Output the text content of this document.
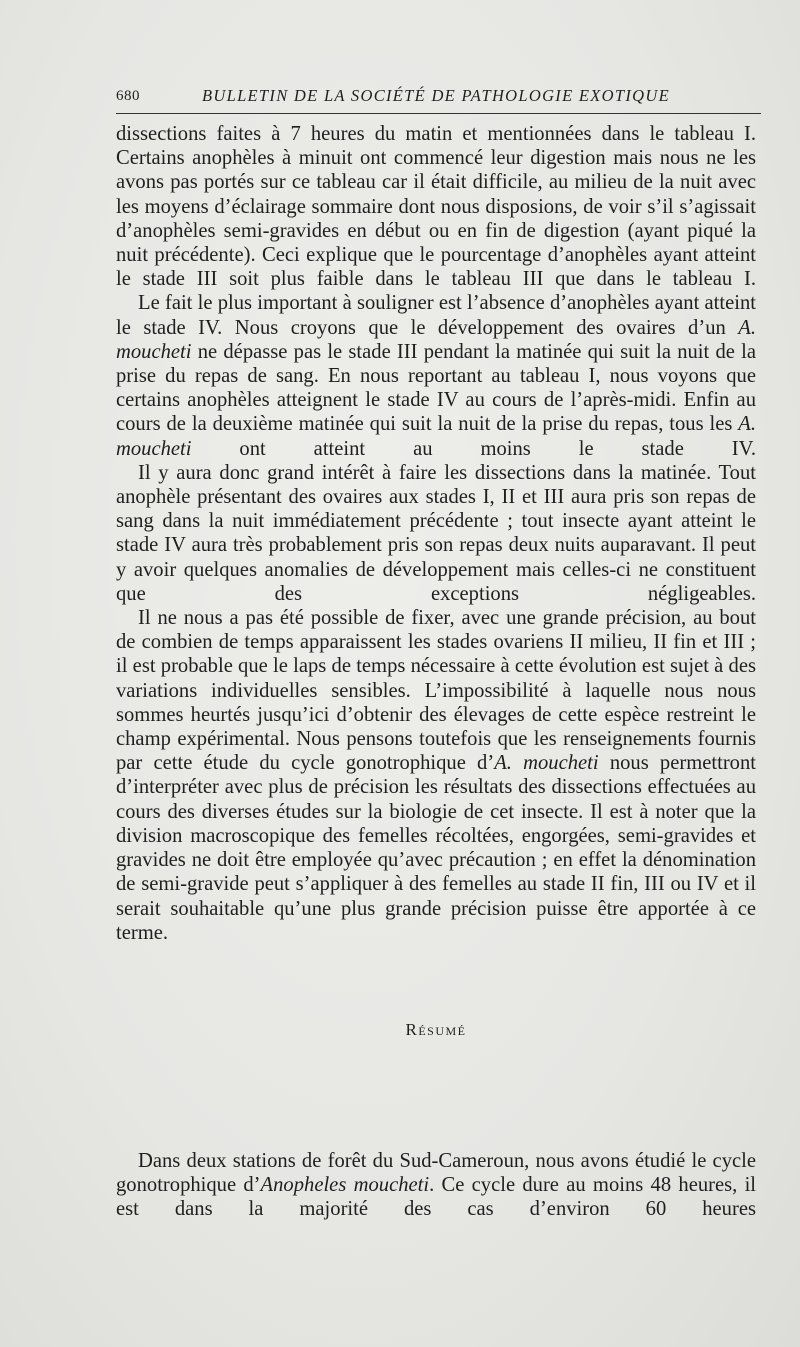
680	BULLETIN DE LA SOCIÉTÉ DE PATHOLOGIE EXOTIQUE

dissections faites à 7 heures du matin et mentionnées dans le tableau I. Certains anophèles à minuit ont commencé leur digestion mais nous ne les avons pas portés sur ce tableau car il était difficile, au milieu de la nuit avec les moyens d’éclairage sommaire dont nous disposions, de voir s’il s’agissait d’anophèles semi-gravides en début ou en fin de digestion (ayant piqué la nuit précédente). Ceci explique que le pourcentage d’anophèles ayant atteint le stade III soit plus faible dans le tableau III que dans le tableau I.

Le fait le plus important à souligner est l’absence d’anophèles ayant atteint le stade IV. Nous croyons que le développement des ovaires d’un A. moucheti ne dépasse pas le stade III pendant la matinée qui suit la nuit de la prise du repas de sang. En nous reportant au tableau I, nous voyons que certains anophèles atteignent le stade IV au cours de l’après-midi. Enfin au cours de la deuxième matinée qui suit la nuit de la prise du repas, tous les A. moucheti ont atteint au moins le stade IV.

Il y aura donc grand intérêt à faire les dissections dans la matinée. Tout anophèle présentant des ovaires aux stades I, II et III aura pris son repas de sang dans la nuit immédiatement précédente ; tout insecte ayant atteint le stade IV aura très probablement pris son repas deux nuits auparavant. Il peut y avoir quelques anomalies de développement mais celles-ci ne constituent que des exceptions négligeables.

Il ne nous a pas été possible de fixer, avec une grande précision, au bout de combien de temps apparaissent les stades ovariens II milieu, II fin et III ; il est probable que le laps de temps nécessaire à cette évolution est sujet à des variations individuelles sensibles. L’impossibilité à laquelle nous nous sommes heurtés jusqu’ici d’obtenir des élevages de cette espèce restreint le champ expérimental. Nous pensons toutefois que les renseignements fournis par cette étude du cycle gonotrophique d’A. moucheti nous permettront d’interpréter avec plus de précision les résultats des dissections effectuées au cours des diverses études sur la biologie de cet insecte. Il est à noter que la division macroscopique des femelles récoltées, engorgées, semi-gravides et gravides ne doit être employée qu’avec précaution ; en effet la dénomination de semi-gravide peut s’appliquer à des femelles au stade II fin, III ou IV et il serait souhaitable qu’une plus grande précision puisse être apportée à ce terme.

Résumé

Dans deux stations de forêt du Sud-Cameroun, nous avons étudié le cycle gonotrophique d’Anopheles moucheti. Ce cycle dure au moins 48 heures, il est dans la majorité des cas d’environ 60 heures
